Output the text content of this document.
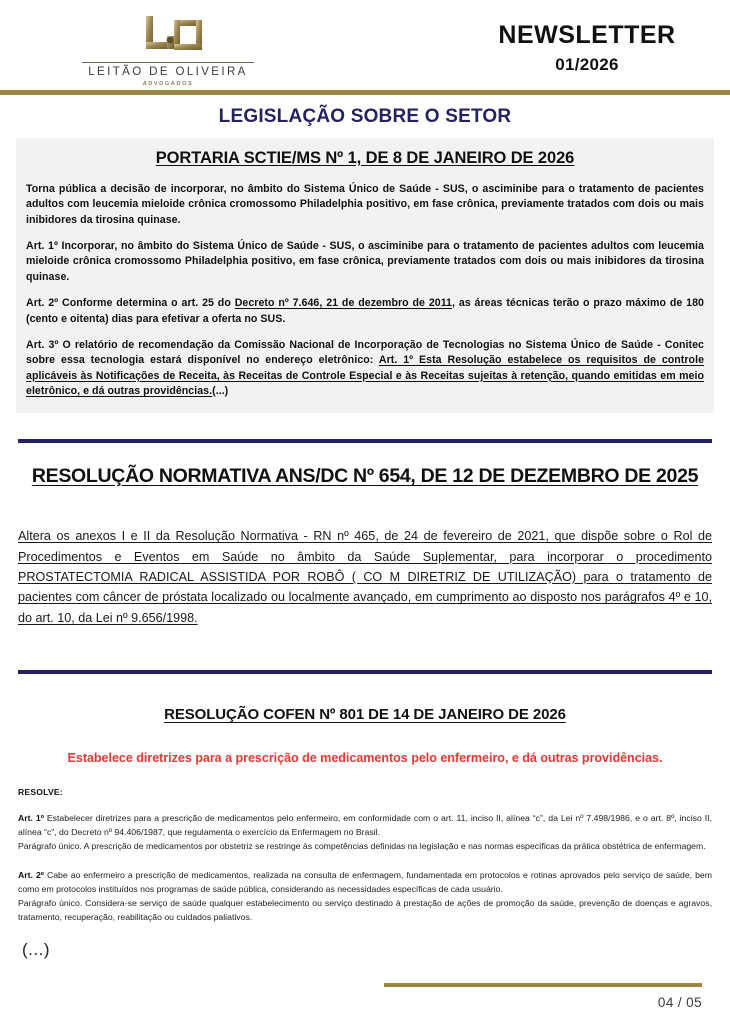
LEITÃO DE OLIVEIRA
ADVOGADOS
NEWSLETTER
01/2026
LEGISLAÇÃO SOBRE O SETOR
PORTARIA SCTIE/MS Nº 1, DE 8 DE JANEIRO DE 2026

Torna pública a decisão de incorporar, no âmbito do Sistema Único de Saúde - SUS, o asciminibe para o tratamento de pacientes adultos com leucemia mieloide crônica cromossomo Philadelphia positivo, em fase crônica, previamente tratados com dois ou mais inibidores da tirosina quinase.

Art. 1º Incorporar, no âmbito do Sistema Único de Saúde - SUS, o asciminibe para o tratamento de pacientes adultos com leucemia mieloide crônica cromossomo Philadelphia positivo, em fase crônica, previamente tratados com dois ou mais inibidores da tirosina quinase.

Art. 2º Conforme determina o art. 25 do Decreto nº 7.646, 21 de dezembro de 2011, as áreas técnicas terão o prazo máximo de 180 (cento e oitenta) dias para efetivar a oferta no SUS.

Art. 3º O relatório de recomendação da Comissão Nacional de Incorporação de Tecnologias no Sistema Único de Saúde - Conitec sobre essa tecnologia estará disponível no endereço eletrônico: Art. 1º Esta Resolução estabelece os requisitos de controle aplicáveis às Notificações de Receita, às Receitas de Controle Especial e às Receitas sujeitas à retenção, quando emitidas em meio eletrônico, e dá outras providências.(...)

RESOLUÇÃO NORMATIVA ANS/DC Nº 654, DE 12 DE DEZEMBRO DE 2025

Altera os anexos I e II da Resolução Normativa - RN nº 465, de 24 de fevereiro de 2021, que dispõe sobre o Rol de Procedimentos e Eventos em Saúde no âmbito da Saúde Suplementar, para incorporar o procedimento PROSTATECTOMIA RADICAL ASSISTIDA POR ROBÔ ( CO M DIRETRIZ DE UTILIZAÇÃO) para o tratamento de pacientes com câncer de próstata localizado ou localmente avançado, em cumprimento ao disposto nos parágrafos 4º e 10, do art. 10, da Lei nº 9.656/1998.

RESOLUÇÃO COFEN Nº 801 DE 14 DE JANEIRO DE 2026

Estabelece diretrizes para a prescrição de medicamentos pelo enfermeiro, e dá outras providências.

RESOLVE:

Art. 1º Estabelecer diretrizes para a prescrição de medicamentos pelo enfermeiro, em conformidade com o art. 11, inciso II, alínea “c”, da Lei nº 7.498/1986, e o art. 8º, inciso II, alínea “c”, do Decreto nº 94.406/1987, que regulamenta o exercício da Enfermagem no Brasil.

Parágrafo único. A prescrição de medicamentos por obstetriz se restringe às competências definidas na legislação e nas normas específicas da prática obstétrica de enfermagem.

Art. 2º Cabe ao enfermeiro a prescrição de medicamentos, realizada na consulta de enfermagem, fundamentada em protocolos e rotinas aprovados pelo serviço de saúde, bem como em protocolos instituídos nos programas de saúde pública, considerando as necessidades específicas de cada usuário.

Parágrafo único. Considera-se serviço de saúde qualquer estabelecimento ou serviço destinado à prestação de ações de promoção da saúde, prevenção de doenças e agravos, tratamento, recuperação, reabilitação ou cuidados paliativos.

(...)
04 / 05
